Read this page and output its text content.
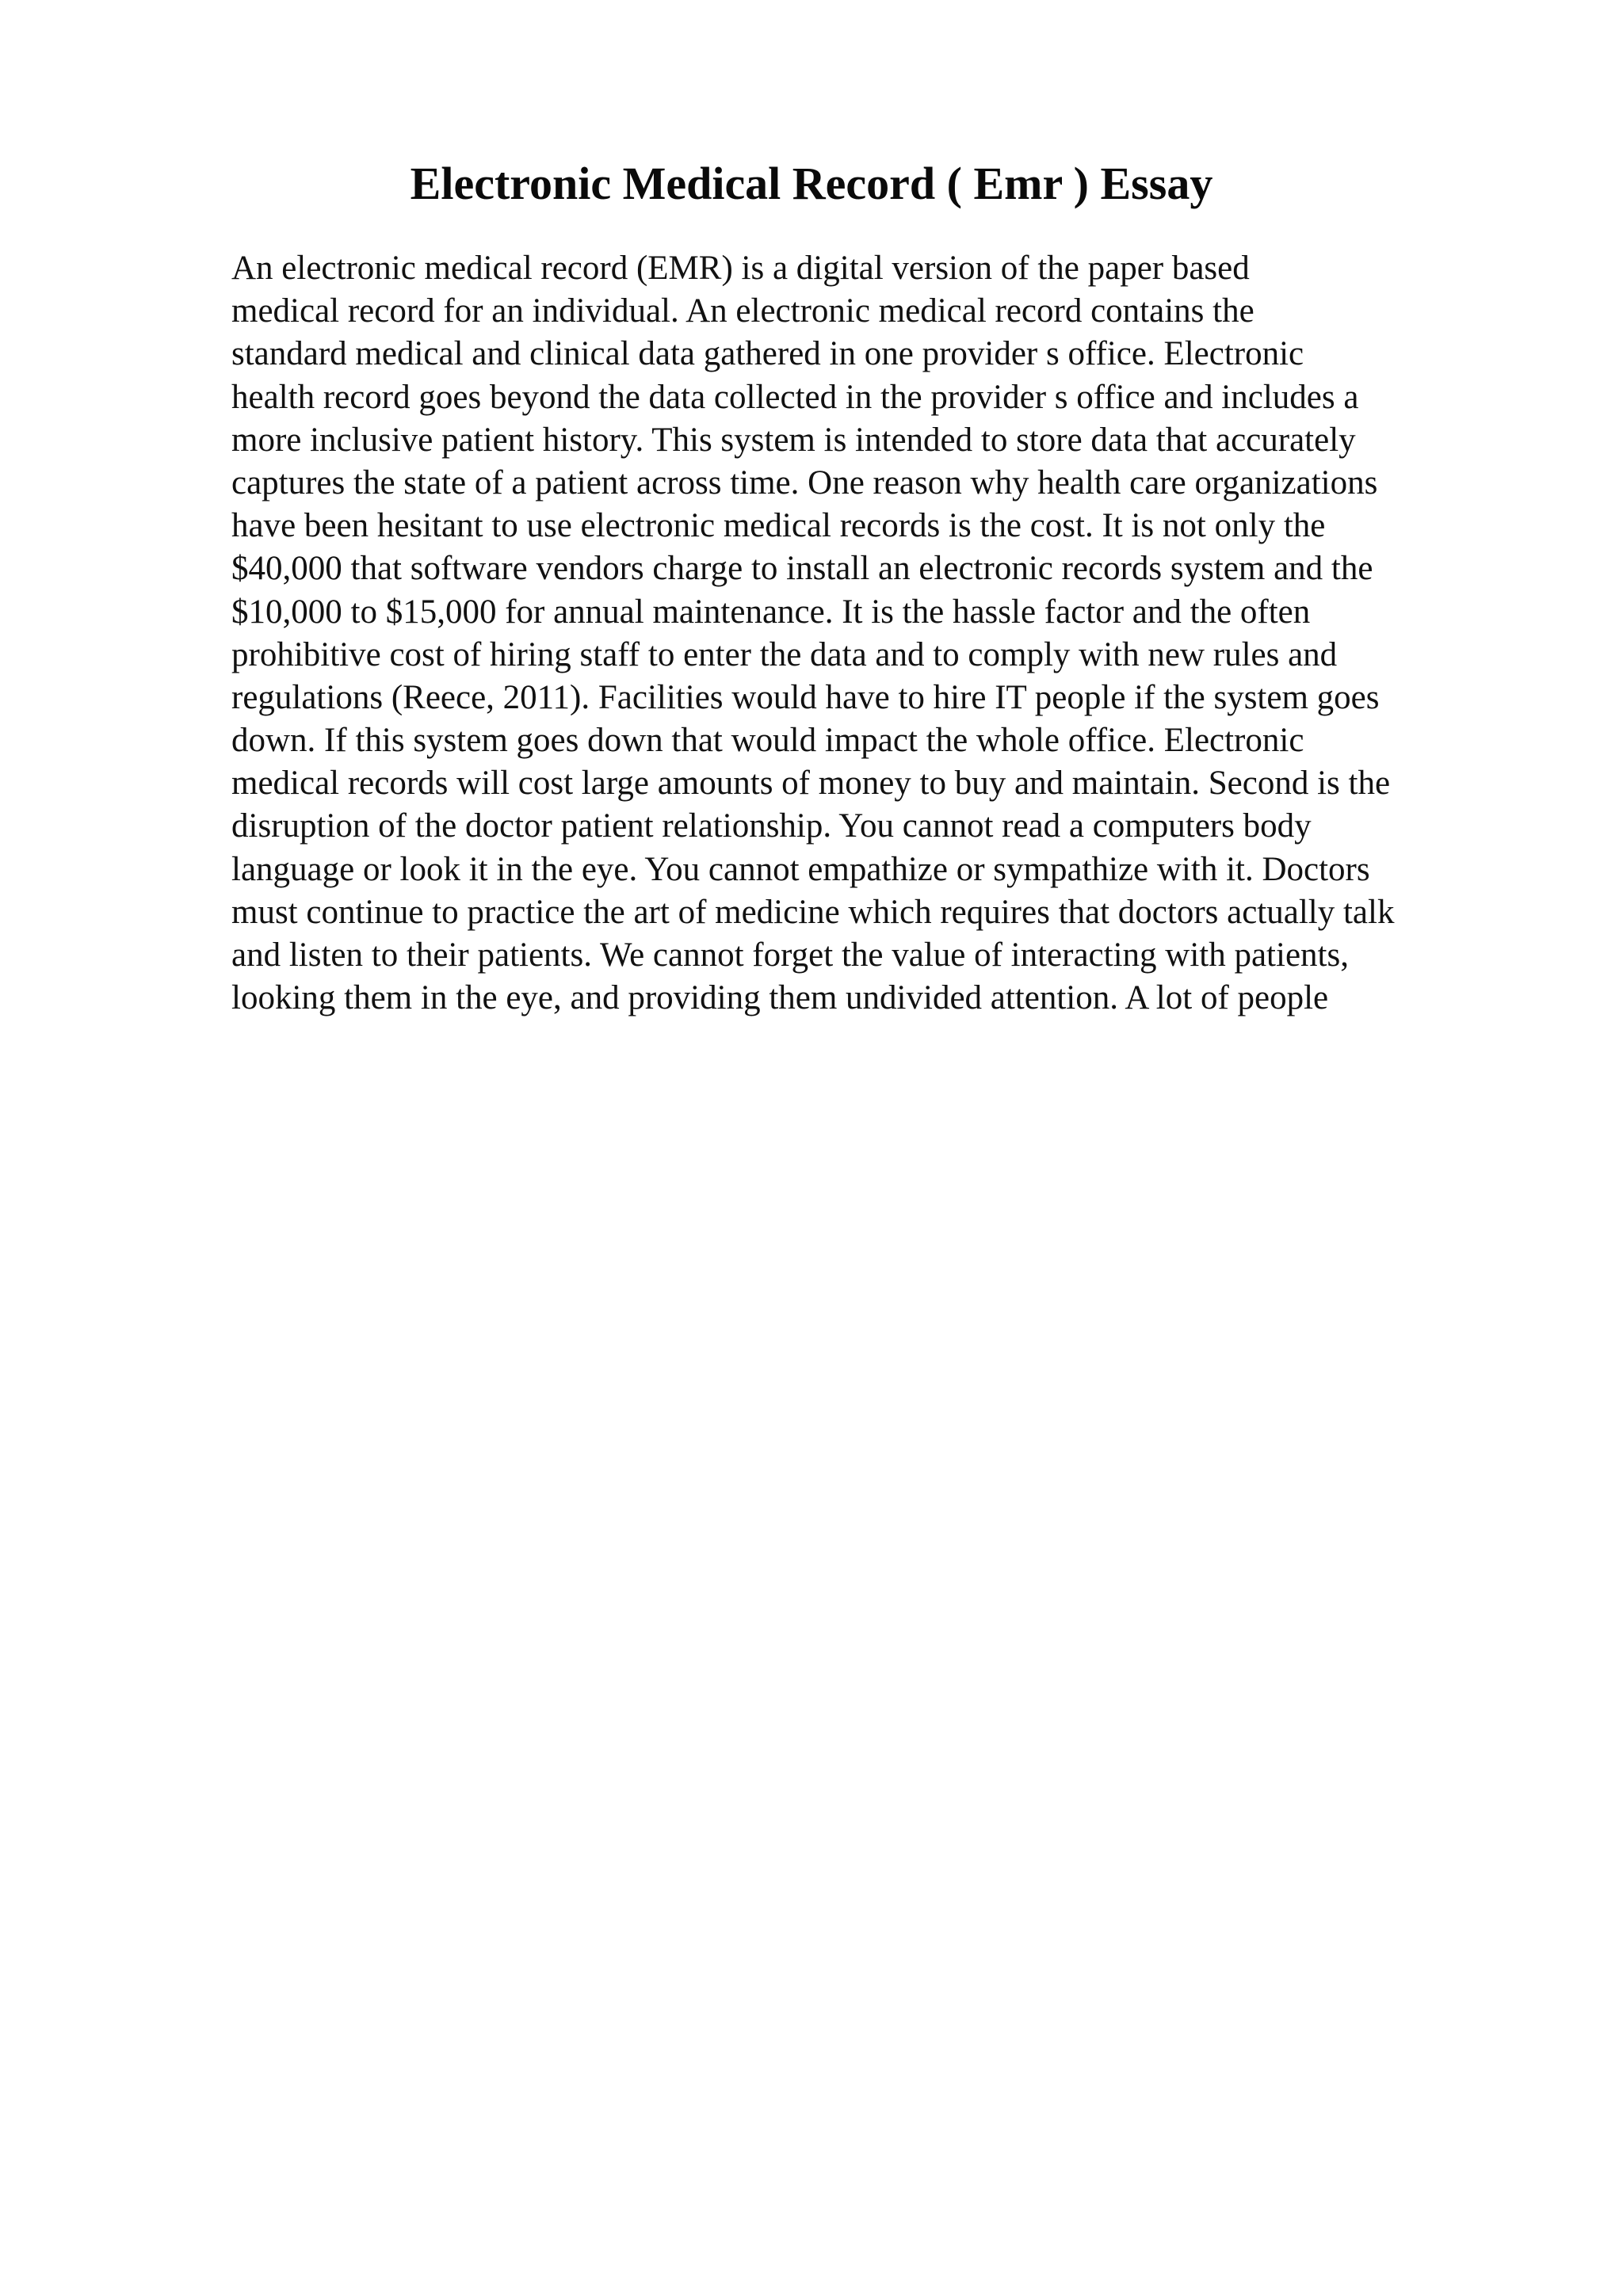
Electronic Medical Record ( Emr ) Essay
An electronic medical record (EMR) is a digital version of the paper based
medical record for an individual. An electronic medical record contains the
standard medical and clinical data gathered in one provider s office. Electronic
health record goes beyond the data collected in the provider s office and includes a
more inclusive patient history. This system is intended to store data that accurately
captures the state of a patient across time. One reason why health care organizations
have been hesitant to use electronic medical records is the cost. It is not only the
$40,000 that software vendors charge to install an electronic records system and the
$10,000 to $15,000 for annual maintenance. It is the hassle factor and the often
prohibitive cost of hiring staff to enter the data and to comply with new rules and
regulations (Reece, 2011). Facilities would have to hire IT people if the system goes
down. If this system goes down that would impact the whole office. Electronic
medical records will cost large amounts of money to buy and maintain. Second is the
disruption of the doctor patient relationship. You cannot read a computers body
language or look it in the eye. You cannot empathize or sympathize with it. Doctors
must continue to practice the art of medicine which requires that doctors actually talk
and listen to their patients. We cannot forget the value of interacting with patients,
looking them in the eye, and providing them undivided attention. A lot of people
